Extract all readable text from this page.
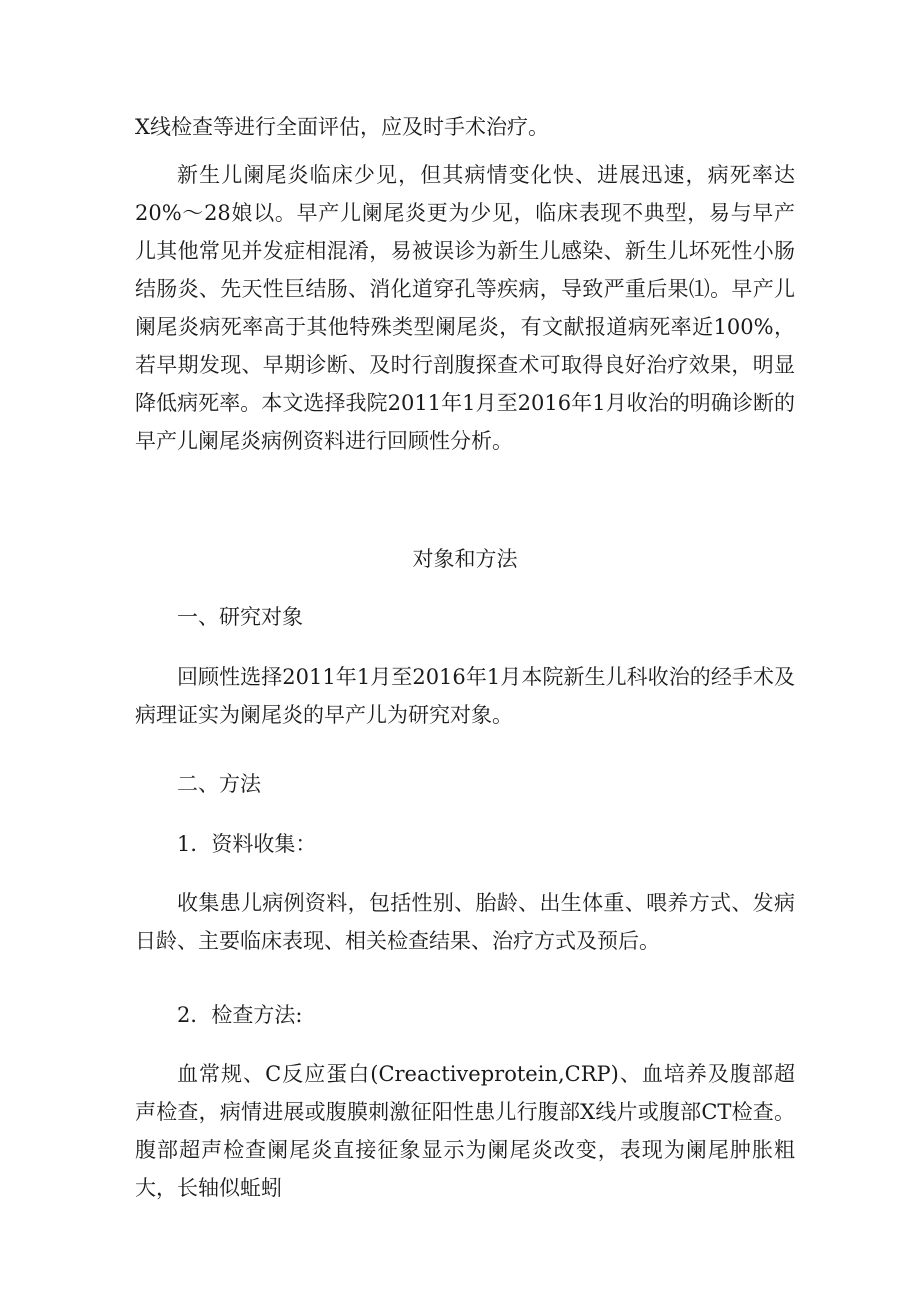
X线检查等进行全面评估，应及时手术治疗。

新生儿阑尾炎临床少见，但其病情变化快、进展迅速，病死率达20%～28娘以。早产儿阑尾炎更为少见，临床表现不典型，易与早产儿其他常见并发症相混淆，易被误诊为新生儿感染、新生儿坏死性小肠结肠炎、先天性巨结肠、消化道穿孔等疾病，导致严重后果⑴。早产儿阑尾炎病死率高于其他特殊类型阑尾炎，有文献报道病死率近100%，若早期发现、早期诊断、及时行剖腹探查术可取得良好治疗效果，明显降低病死率。本文选择我院2011年1月至2016年1月收治的明确诊断的早产儿阑尾炎病例资料进行回顾性分析。

对象和方法

一、研究对象

回顾性选择2011年1月至2016年1月本院新生儿科收治的经手术及病理证实为阑尾炎的早产儿为研究对象。

二、方法

1．资料收集：

收集患儿病例资料，包括性别、胎龄、出生体重、喂养方式、发病日龄、主要临床表现、相关检查结果、治疗方式及预后。

2．检查方法:

血常规、C反应蛋白(Creactiveprotein,CRP)、血培养及腹部超声检查，病情进展或腹膜刺激征阳性患儿行腹部X线片或腹部CT检查。腹部超声检查阑尾炎直接征象显示为阑尾炎改变，表现为阑尾肿胀粗大，长轴似蚯蚓
